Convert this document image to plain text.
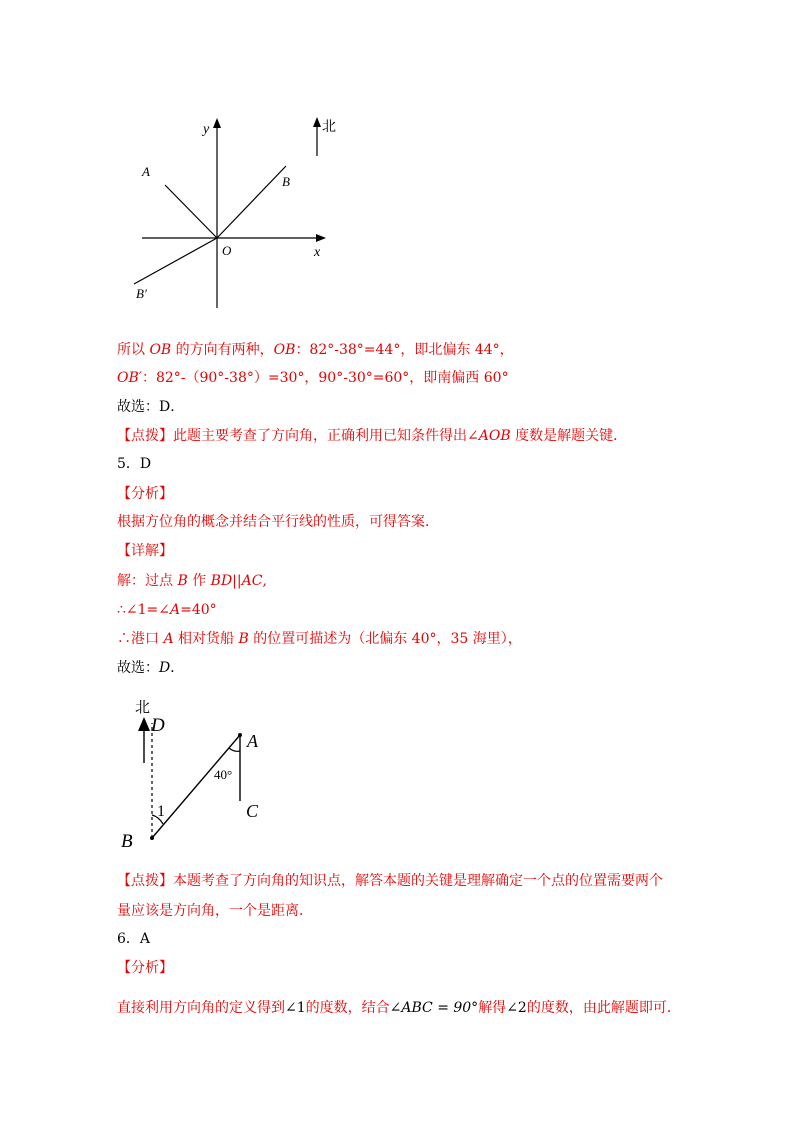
北
y
x
A
B
O
B′
所以 OB 的方向有两种，OB：82°-38°=44°，即北偏东 44°，
OB′：82°-（90°-38°）=30°，90°-30°=60°，即南偏西 60°
故选：D．
【点拨】此题主要考查了方向角，正确利用已知条件得出∠AOB 度数是解题关键．
5．D
【分析】
根据方位角的概念并结合平行线的性质，可得答案．
【详解】
解：过点 B 作 BD||AC,
∴∠1=∠A=40°
∴港口 A 相对货船 B 的位置可描述为（北偏东 40°，35 海里），
故选：D．
【点拨】本题考查了方向角的知识点，解答本题的关键是理解确定一个点的位置需要两个
量应该是方向角，一个是距离．
6．A
【分析】
直接利用方向角的定义得到∠1的度数，结合∠ABC = 90°解得∠2的度数，由此解题即可．
北
D
A
40°
C
1
B
